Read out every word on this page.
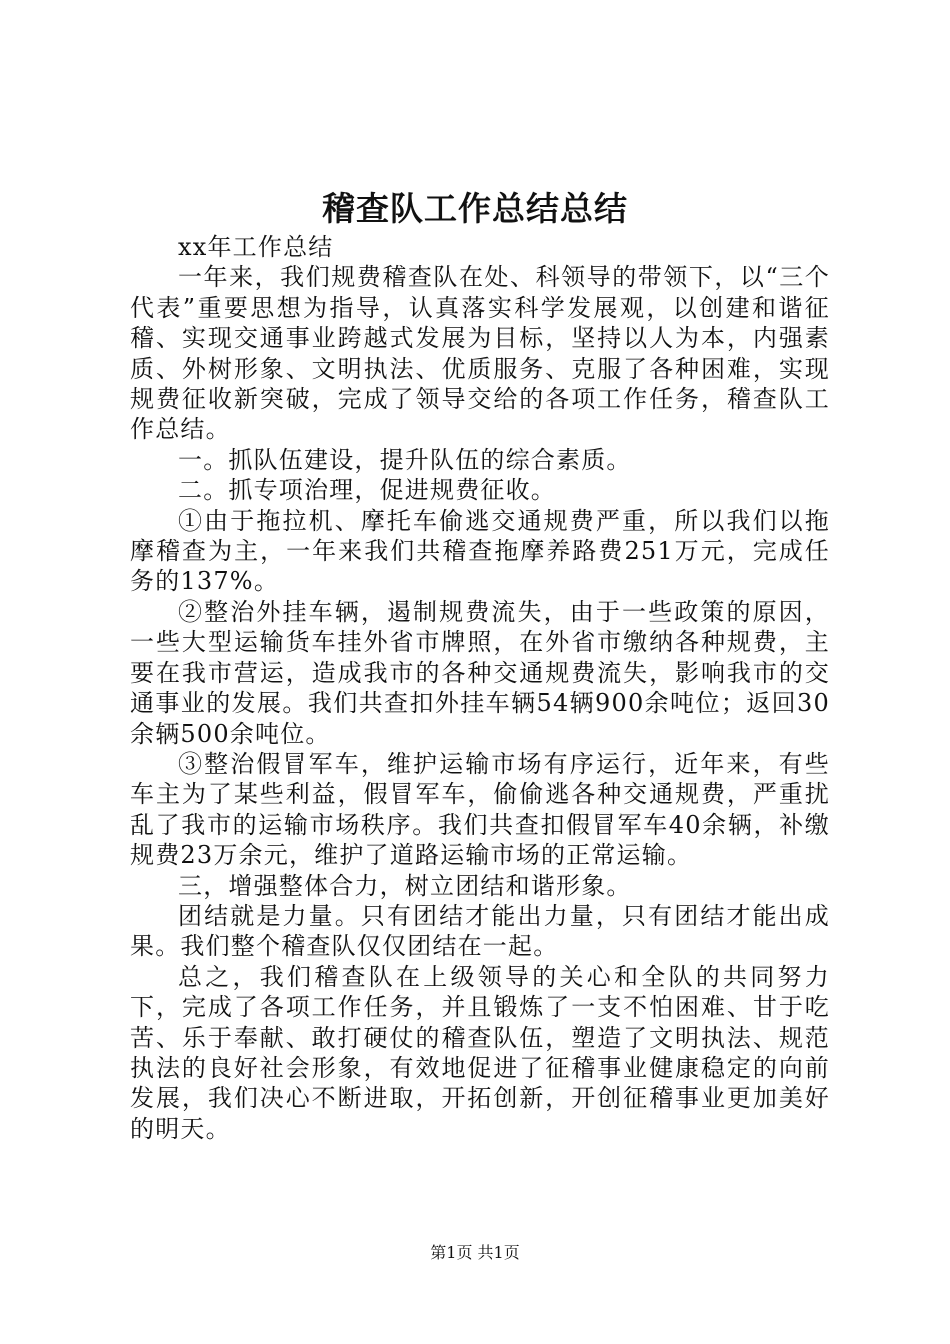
稽查队工作总结总结

xx年工作总结

一年来，我们规费稽查队在处、科领导的带领下，以“三个代表”重要思想为指导，认真落实科学发展观，以创建和谐征稽、实现交通事业跨越式发展为目标，坚持以人为本，内强素质、外树形象、文明执法、优质服务、克服了各种困难，实现规费征收新突破，完成了领导交给的各项工作任务，稽查队工作总结。

一。抓队伍建设，提升队伍的综合素质。

二。抓专项治理，促进规费征收。

①由于拖拉机、摩托车偷逃交通规费严重，所以我们以拖摩稽查为主，一年来我们共稽查拖摩养路费251万元，完成任务的137%。

②整治外挂车辆，遏制规费流失，由于一些政策的原因，一些大型运输货车挂外省市牌照，在外省市缴纳各种规费，主要在我市营运，造成我市的各种交通规费流失，影响我市的交通事业的发展。我们共查扣外挂车辆54辆900余吨位；返回30余辆500余吨位。

③整治假冒军车，维护运输市场有序运行，近年来，有些车主为了某些利益，假冒军车，偷偷逃各种交通规费，严重扰乱了我市的运输市场秩序。我们共查扣假冒军车40余辆，补缴规费23万余元，维护了道路运输市场的正常运输。

三，增强整体合力，树立团结和谐形象。

团结就是力量。只有团结才能出力量，只有团结才能出成果。我们整个稽查队仅仅团结在一起。

总之，我们稽查队在上级领导的关心和全队的共同努力下，完成了各项工作任务，并且锻炼了一支不怕困难、甘于吃苦、乐于奉献、敢打硬仗的稽查队伍，塑造了文明执法、规范执法的良好社会形象，有效地促进了征稽事业健康稳定的向前发展，我们决心不断进取，开拓创新，开创征稽事业更加美好的明天。

第1页 共1页
